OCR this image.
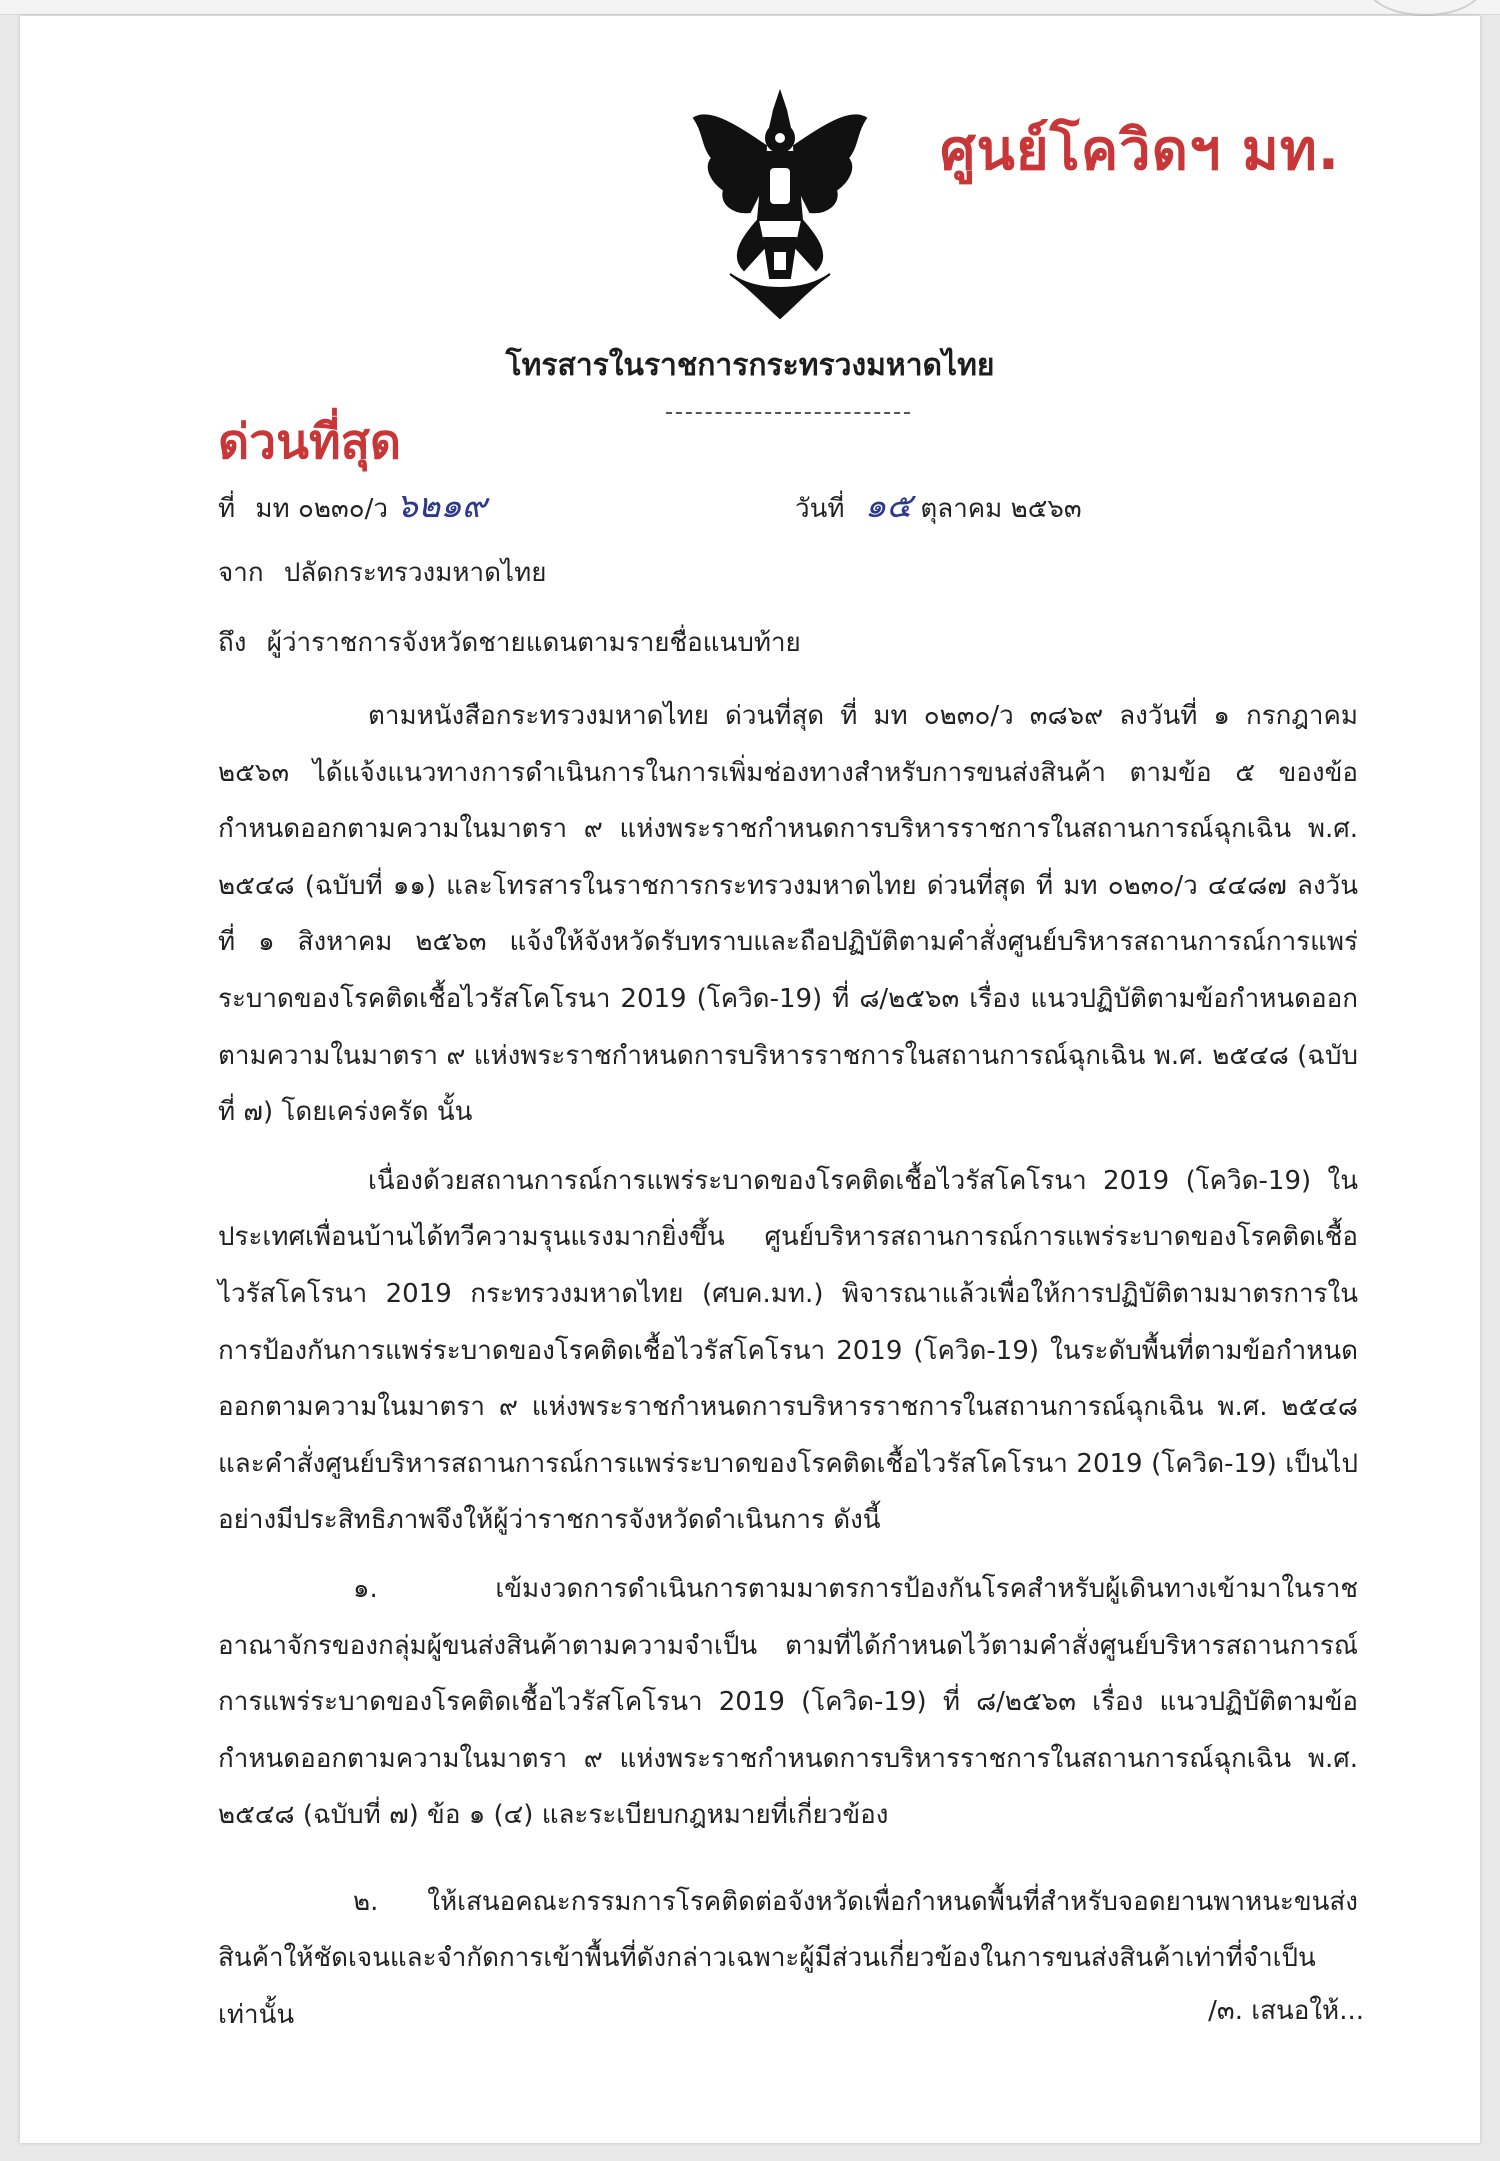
ศูนย์โควิดฯ มท.
โทรสารในราชการกระทรวงมหาดไทย
ด่วนที่สุด
ที่ มท ๐๒๓๐/ว ๖๒๑๙	วันที่ ๑๕ ตุลาคม ๒๕๖๓
จาก ปลัดกระทรวงมหาดไทย
ถึง ผู้ว่าราชการจังหวัดชายแดนตามรายชื่อแนบท้าย

ตามหนังสือกระทรวงมหาดไทย ด่วนที่สุด ที่ มท ๐๒๓๐/ว ๓๘๖๙ ลงวันที่ ๑ กรกฎาคม ๒๕๖๓ ได้แจ้งแนวทางการดำเนินการในการเพิ่มช่องทางสำหรับการขนส่งสินค้า ตามข้อ ๕ ของข้อกำหนดออกตามความในมาตรา ๙ แห่งพระราชกำหนดการบริหารราชการในสถานการณ์ฉุกเฉิน พ.ศ. ๒๕๔๘ (ฉบับที่ ๑๑) และโทรสารในราชการกระทรวงมหาดไทย ด่วนที่สุด ที่ มท ๐๒๓๐/ว ๔๔๘๗ ลงวันที่ ๑ สิงหาคม ๒๕๖๓ แจ้งให้จังหวัดรับทราบและถือปฏิบัติตามคำสั่งศูนย์บริหารสถานการณ์การแพร่ระบาดของโรคติดเชื้อไวรัสโคโรนา 2019 (โควิด-19) ที่ ๘/๒๕๖๓ เรื่อง แนวปฏิบัติตามข้อกำหนดออกตามความในมาตรา ๙ แห่งพระราชกำหนดการบริหารราชการในสถานการณ์ฉุกเฉิน พ.ศ. ๒๕๔๘ (ฉบับที่ ๗) โดยเคร่งครัด นั้น

เนื่องด้วยสถานการณ์การแพร่ระบาดของโรคติดเชื้อไวรัสโคโรนา 2019 (โควิด-19) ในประเทศเพื่อนบ้านได้ทวีความรุนแรงมากยิ่งขึ้น ศูนย์บริหารสถานการณ์การแพร่ระบาดของโรคติดเชื้อไวรัสโคโรนา 2019 กระทรวงมหาดไทย (ศบค.มท.) พิจารณาแล้วเพื่อให้การปฏิบัติตามมาตรการในการป้องกันการแพร่ระบาดของโรคติดเชื้อไวรัสโคโรนา 2019 (โควิด-19) ในระดับพื้นที่ตามข้อกำหนดออกตามความในมาตรา ๙ แห่งพระราชกำหนดการบริหารราชการในสถานการณ์ฉุกเฉิน พ.ศ. ๒๕๔๘ และคำสั่งศูนย์บริหารสถานการณ์การแพร่ระบาดของโรคติดเชื้อไวรัสโคโรนา 2019 (โควิด-19) เป็นไปอย่างมีประสิทธิภาพจึงให้ผู้ว่าราชการจังหวัดดำเนินการ ดังนี้

๑. เข้มงวดการดำเนินการตามมาตรการป้องกันโรคสำหรับผู้เดินทางเข้ามาในราชอาณาจักรของกลุ่มผู้ขนส่งสินค้าตามความจำเป็น ตามที่ได้กำหนดไว้ตามคำสั่งศูนย์บริหารสถานการณ์การแพร่ระบาดของโรคติดเชื้อไวรัสโคโรนา 2019 (โควิด-19) ที่ ๘/๒๕๖๓ เรื่อง แนวปฏิบัติตามข้อกำหนดออกตามความในมาตรา ๙ แห่งพระราชกำหนดการบริหารราชการในสถานการณ์ฉุกเฉิน พ.ศ. ๒๕๔๘ (ฉบับที่ ๗) ข้อ ๑ (๔) และระเบียบกฎหมายที่เกี่ยวข้อง

๒. ให้เสนอคณะกรรมการโรคติดต่อจังหวัดเพื่อกำหนดพื้นที่สำหรับจอดยานพาหนะขนส่งสินค้าให้ชัดเจนและจำกัดการเข้าพื้นที่ดังกล่าวเฉพาะผู้มีส่วนเกี่ยวข้องในการขนส่งสินค้าเท่าที่จำเป็นเท่านั้น	/๓. เสนอให้...
